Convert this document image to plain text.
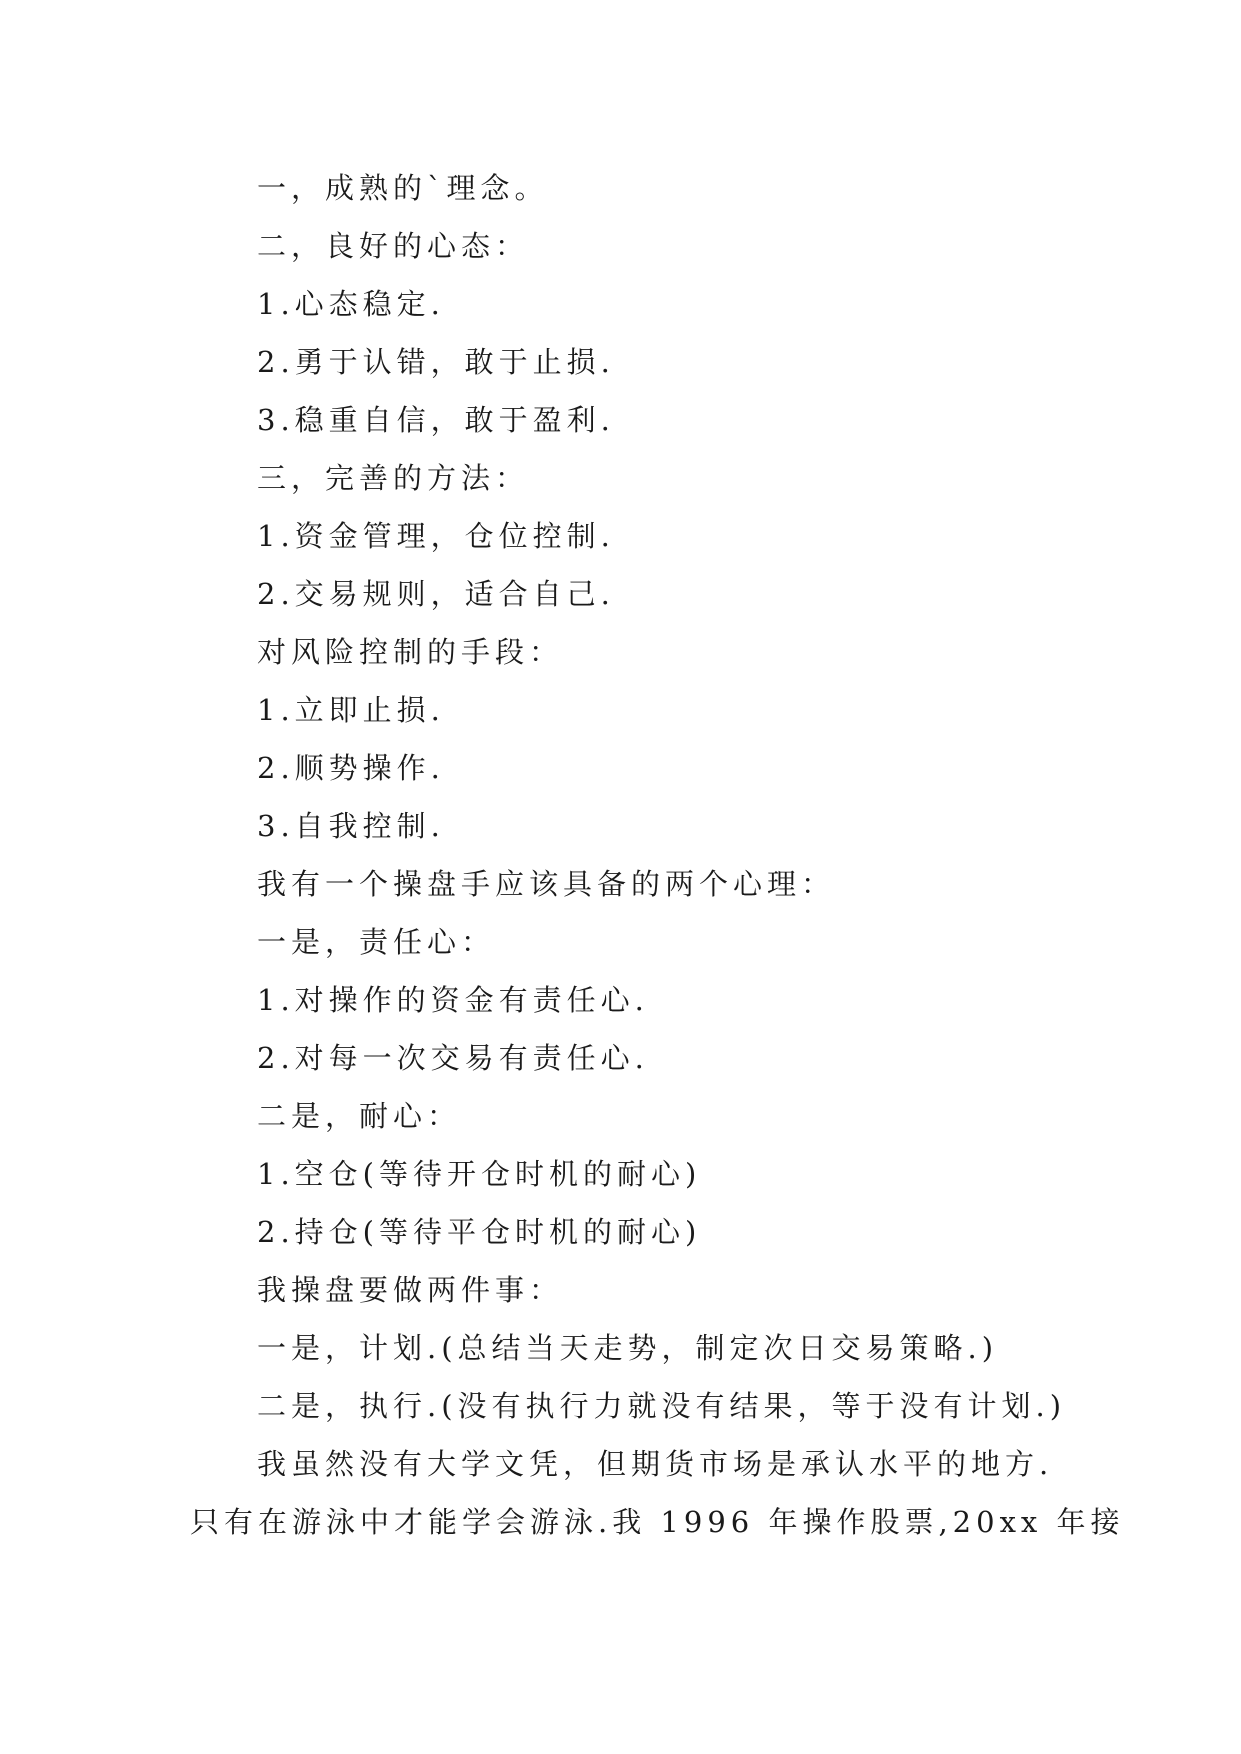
一，成熟的`理念。
二，良好的心态：
1.心态稳定.
2.勇于认错，敢于止损.
3.稳重自信，敢于盈利.
三，完善的方法：
1.资金管理，仓位控制.
2.交易规则，适合自己.
对风险控制的手段：
1.立即止损.
2.顺势操作.
3.自我控制.
我有一个操盘手应该具备的两个心理：
一是，责任心：
1.对操作的资金有责任心.
2.对每一次交易有责任心.
二是，耐心：
1.空仓(等待开仓时机的耐心)
2.持仓(等待平仓时机的耐心)
我操盘要做两件事：
一是，计划.(总结当天走势，制定次日交易策略.)
二是，执行.(没有执行力就没有结果，等于没有计划.)
我虽然没有大学文凭，但期货市场是承认水平的地方.
只有在游泳中才能学会游泳.我 1996 年操作股票,20xx 年接
